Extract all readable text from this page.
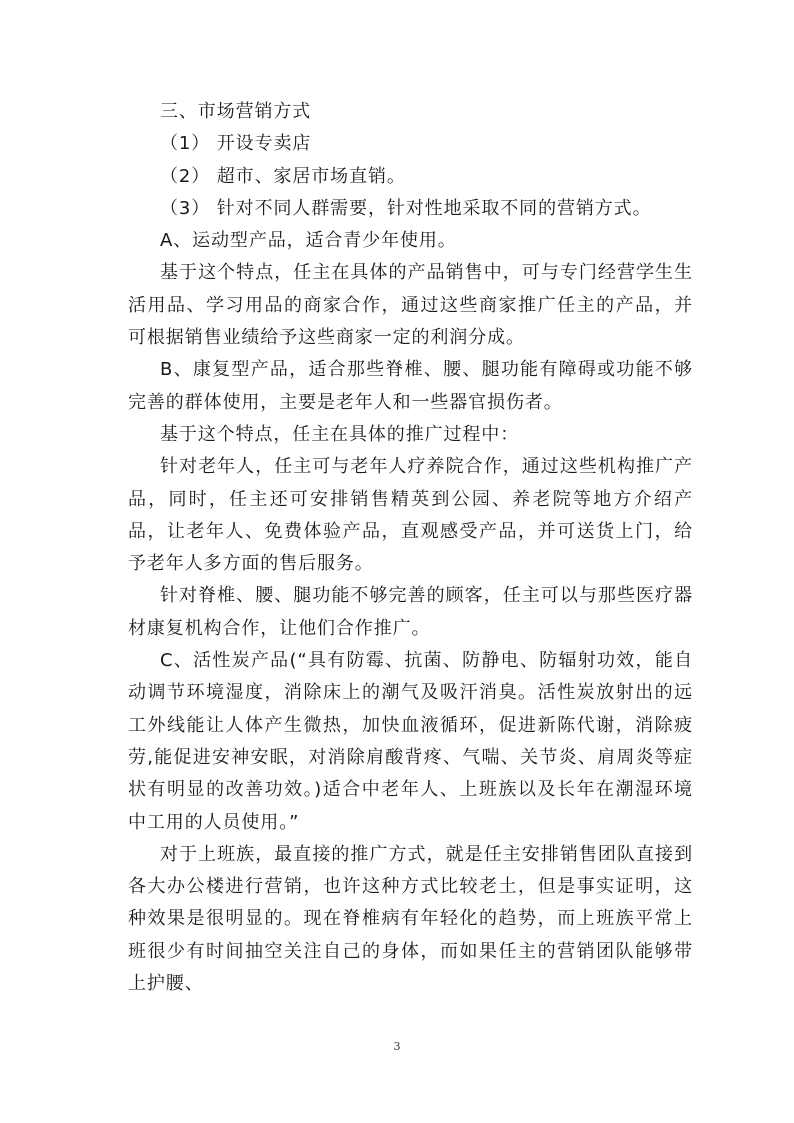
三、市场营销方式

（1） 开设专卖店

（2） 超市、家居市场直销。

（3） 针对不同人群需要，针对性地采取不同的营销方式。

A、运动型产品，适合青少年使用。

基于这个特点，任主在具体的产品销售中，可与专门经营学生生活用品、学习用品的商家合作，通过这些商家推广任主的产品，并可根据销售业绩给予这些商家一定的利润分成。

B、康复型产品，适合那些脊椎、腰、腿功能有障碍或功能不够完善的群体使用，主要是老年人和一些器官损伤者。

基于这个特点，任主在具体的推广过程中：

针对老年人，任主可与老年人疗养院合作，通过这些机构推广产品，同时，任主还可安排销售精英到公园、养老院等地方介绍产品，让老年人、免费体验产品，直观感受产品，并可送货上门，给予老年人多方面的售后服务。

针对脊椎、腰、腿功能不够完善的顾客，任主可以与那些医疗器材康复机构合作，让他们合作推广。

C、活性炭产品(“具有防霉、抗菌、防静电、防辐射功效，能自动调节环境湿度，消除床上的潮气及吸汗消臭。活性炭放射出的远工外线能让人体产生微热，加快血液循环，促进新陈代谢，消除疲劳,能促进安神安眠，对消除肩酸背疼、气喘、关节炎、肩周炎等症状有明显的改善功效。)适合中老年人、上班族以及长年在潮湿环境中工用的人员使用。”

对于上班族，最直接的推广方式，就是任主安排销售团队直接到各大办公楼进行营销，也许这种方式比较老土，但是事实证明，这种效果是很明显的。现在脊椎病有年轻化的趋势，而上班族平常上班很少有时间抽空关注自己的身体，而如果任主的营销团队能够带上护腰、

3
